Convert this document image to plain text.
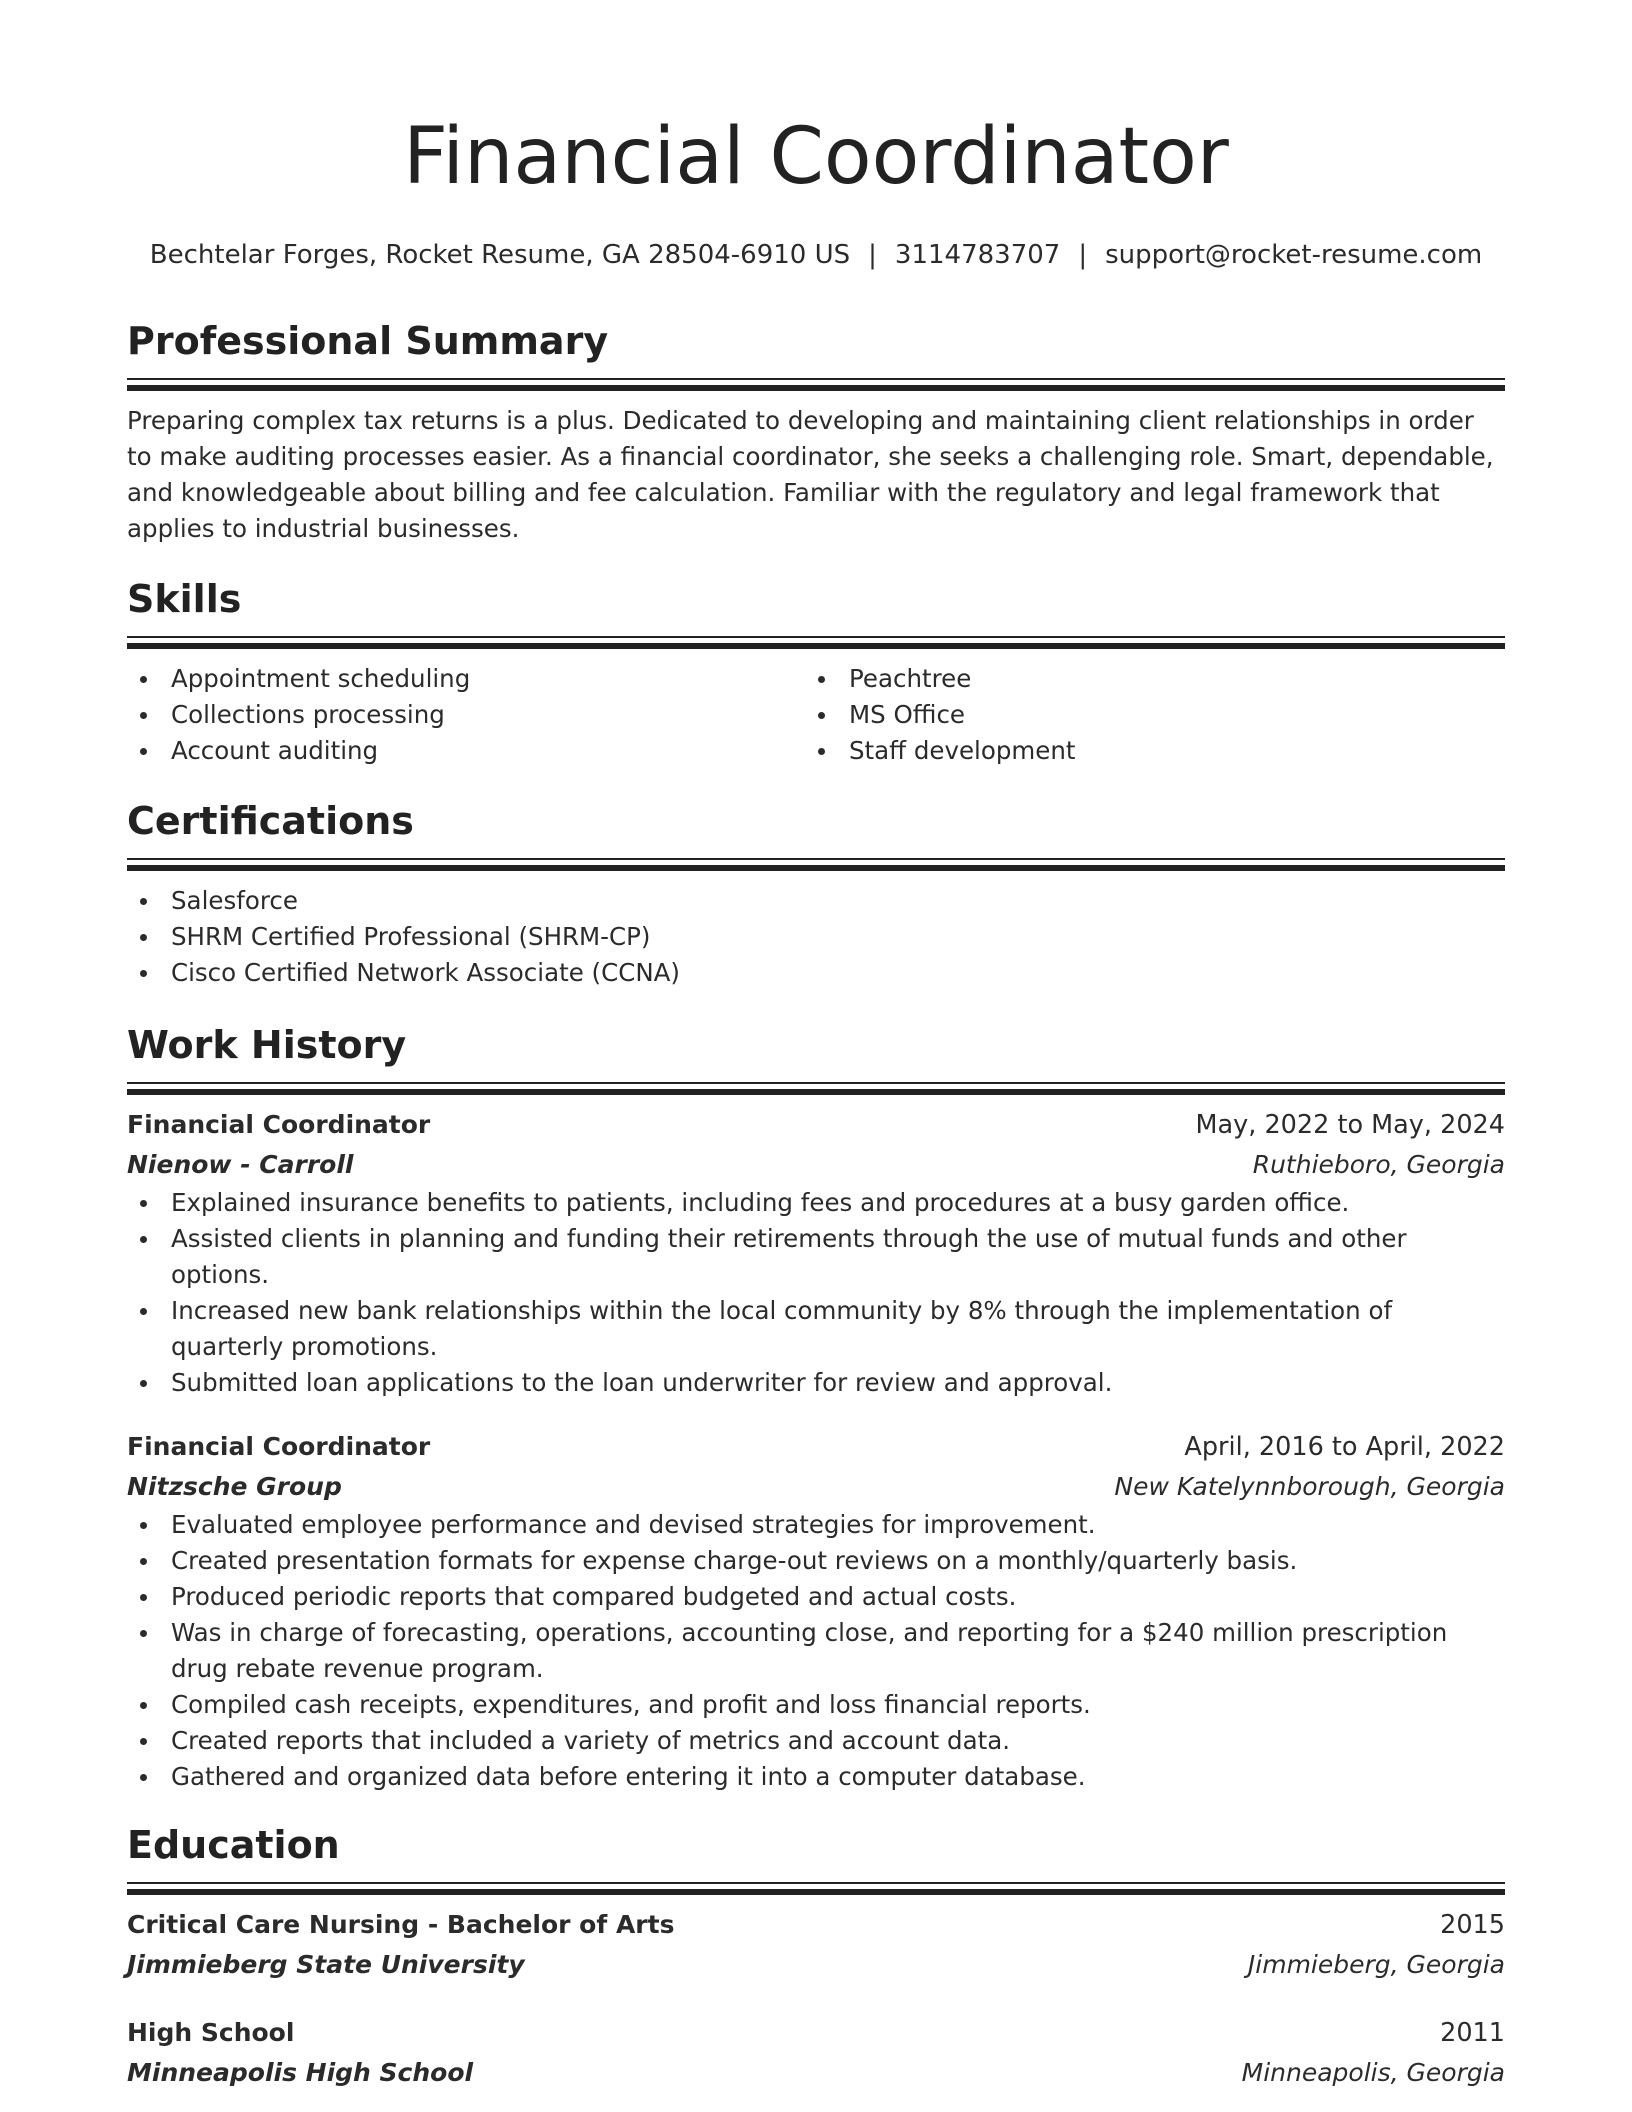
Financial Coordinator
Bechtelar Forges, Rocket Resume, GA 28504-6910 US | 3114783707 | support@rocket-resume.com
Professional Summary
Preparing complex tax returns is a plus. Dedicated to developing and maintaining client relationships in order to make auditing processes easier. As a financial coordinator, she seeks a challenging role. Smart, dependable, and knowledgeable about billing and fee calculation. Familiar with the regulatory and legal framework that applies to industrial businesses.
Skills
Appointment scheduling
Collections processing
Account auditing
Peachtree
MS Office
Staff development
Certifications
Salesforce
SHRM Certified Professional (SHRM-CP)
Cisco Certified Network Associate (CCNA)
Work History
Financial Coordinator	May, 2022 to May, 2024
Nienow - Carroll	Ruthieboro, Georgia
Explained insurance benefits to patients, including fees and procedures at a busy garden office.
Assisted clients in planning and funding their retirements through the use of mutual funds and other options.
Increased new bank relationships within the local community by 8% through the implementation of quarterly promotions.
Submitted loan applications to the loan underwriter for review and approval.
Financial Coordinator	April, 2016 to April, 2022
Nitzsche Group	New Katelynnborough, Georgia
Evaluated employee performance and devised strategies for improvement.
Created presentation formats for expense charge-out reviews on a monthly/quarterly basis.
Produced periodic reports that compared budgeted and actual costs.
Was in charge of forecasting, operations, accounting close, and reporting for a $240 million prescription drug rebate revenue program.
Compiled cash receipts, expenditures, and profit and loss financial reports.
Created reports that included a variety of metrics and account data.
Gathered and organized data before entering it into a computer database.
Education
Critical Care Nursing - Bachelor of Arts	2015
Jimmieberg State University	Jimmieberg, Georgia
High School	2011
Minneapolis High School	Minneapolis, Georgia
